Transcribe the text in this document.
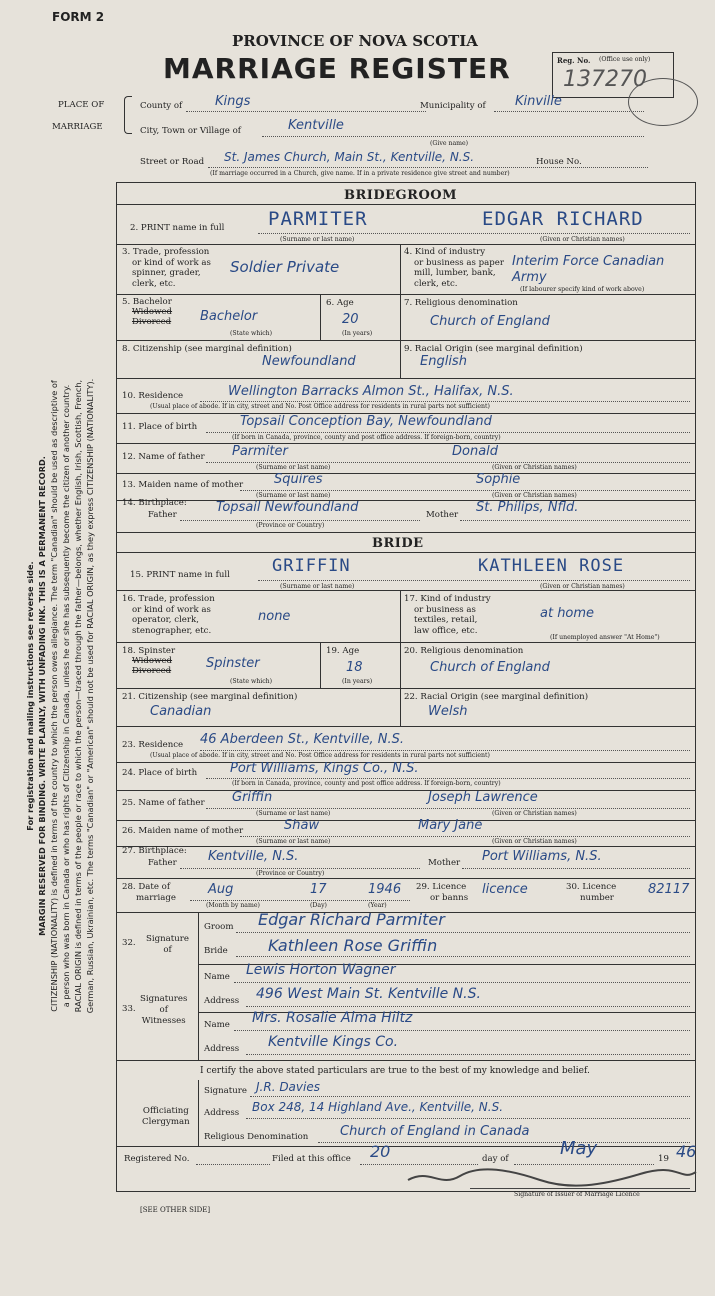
For registration and mailing instructions see reverse side. MARGIN RESERVED FOR BINDING. WRITE PLAINLY, WITH UNFADING INK. THIS IS A PERMANENT RECORD. CITIZENSHIP (NATIONALITY) is defined in terms of the country to which the person owes allegiance. The term "Canadian" should be used as descriptive of a person who was born in Canada or who has rights of Citizenship in Canada, unless he or she has subsequently become the citizen of another country. RACIAL ORIGIN is defined in terms of the people or race to which the person—traced through the father—belongs, whether English, Irish, Scottish, French, German, Russian, Ukrainian, etc. The terms "Canadian" or "American" should not be used for RACIAL ORIGIN, as they express CITIZENSHIP (NATIONALITY).
FORM 2
PROVINCE OF NOVA SCOTIA
MARRIAGE REGISTER	Reg. No. (Office use only)
137270
PLACE OF
MARRIAGE
County of	Kings	Municipality of Kinville
City, Town or Village of	Kentville
(Give name)
Street or Road St. James Church, Main St., Kentville, N.S.	House No.
(If marriage occurred in a Church, give name. If in a private residence give street and number)
BRIDEGROOM
2. PRINT name in full PARMITER	EDGAR RICHARD
(Surname or last name)	(Given or Christian names)
3. Trade, profession
or kind of work as
spinner, grader,
clerk, etc.
Soldier Private
4. Kind of industry
or business as paper
mill, lumber, bank,
clerk, etc.
Interim Force Canadian Army
(If labourer specify kind of work above)
5. Bachelor
Widowed
Divorced Bachelor
(State which)
6. Age
20
(In years)
7. Religious denomination
Church of England
8. Citizenship (see marginal definition)
Newfoundland
9. Racial Origin (see marginal definition)
English
10. Residence	Wellington Barracks Almon St., Halifax, N.S.
(Usual place of abode. If in city, street and No. Post Office address for residents in rural parts not sufficient)
11. Place of birth	Topsail Conception Bay, Newfoundland
(If born in Canada, province, county and post office address. If foreign-born, country)
12. Name of father Parmiter	Donald
(Surname or last name)	(Given or Christian names)
13. Maiden name of mother Squires	Sophie
(Surname or last name)	(Given or Christian names)
14. Birthplace:
Father	Topsail Newfoundland	Mother St. Philips, Nfld.
(Province or Country)
BRIDE
15. PRINT name in full GRIFFIN	KATHLEEN ROSE
(Surname or last name)	(Given or Christian names)
16. Trade, profession
or kind of work as
operator, clerk,
stenographer, etc.
none
17. Kind of industry
or business as
textiles, retail,
law office, etc.
at home
(If unemployed answer "At Home")
18. Spinster
Widowed
Divorced	Spinster
(State which)
19. Age
18
(In years)
20. Religious denomination
Church of England
21. Citizenship (see marginal definition)
Canadian
22. Racial Origin (see marginal definition)
Welsh
23. Residence 46 Aberdeen St., Kentville, N.S.
(Usual place of abode. If in city, street and No. Post Office address for residents in rural parts not sufficient)
24. Place of birth	Port Williams, Kings Co., N.S.
(If born in Canada, province, county and post office address. If foreign-born, country)
25. Name of father Griffin	Joseph Lawrence
(Surname or last name)	(Given or Christian names)
26. Maiden name of mother	Shaw	Mary Jane
(Surname or last name)	(Given or Christian names)
27. Birthplace:
Father Kentville, N.S.	Mother Port Williams, N.S.
(Province or Country)
28. Date of
marriage
Aug	17	1946
(Month by name)	(Day)	(Year)
29. Licence
or banns
licence	30. Licence
number
82117
32. Signature
of
Groom Edgar Richard Parmiter
Bride	Kathleen Rose Griffin
33.
Signatures
of
Witnesses
Name Lewis Horton Wagner
Address 496 West Main St. Kentville N.S.
Name Mrs. Rosalie Alma Hiltz
Address Kentville Kings Co.
I certify the above stated particulars are true to the best of my knowledge and belief.
Officiating
Clergyman
Signature J.R. Davies
Address Box 248, 14 Highland Ave., Kentville, N.S.
Religious Denomination Church of England in Canada
Registered No.	Filed at this office 20	day of	May	19 46
Signature of Issuer of Marriage Licence
[SEE OTHER SIDE]
